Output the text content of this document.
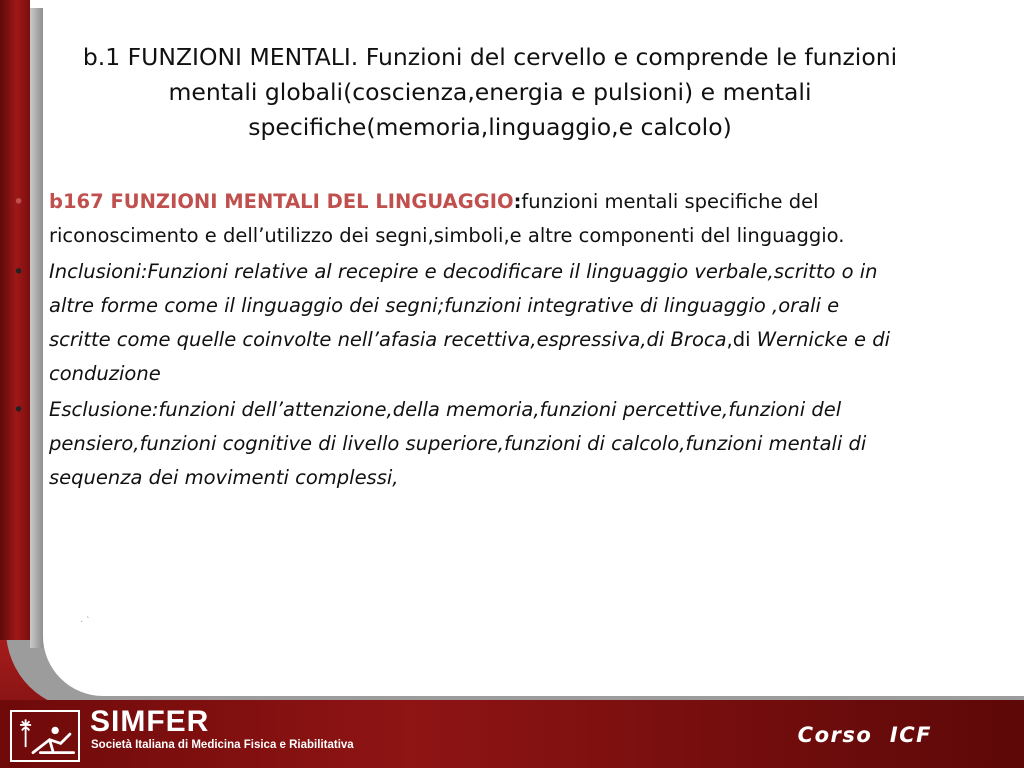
b.1 FUNZIONI MENTALI. Funzioni del cervello e comprende le funzioni mentali globali(coscienza,energia e pulsioni) e mentali specifiche(memoria,linguaggio,e calcolo)
•	b167 FUNZIONI MENTALI DEL LINGUAGGIO:funzioni mentali specifiche del riconoscimento e dell’utilizzo dei segni,simboli,e altre componenti del linguaggio.
•	Inclusioni:Funzioni relative al recepire e decodificare il linguaggio verbale,scritto o in altre forme come il linguaggio dei segni;funzioni integrative di linguaggio ,orali e scritte come quelle coinvolte nell’afasia recettiva,espressiva,di Broca,di Wernicke e di conduzione
•	Esclusione:funzioni dell’attenzione,della memoria,funzioni percettive,funzioni del pensiero,funzioni cognitive di livello superiore,funzioni di calcolo,funzioni mentali di sequenza dei movimenti complessi,
· `
SIMFER
Società Italiana di Medicina Fisica e Riabilitativa	Corso  ICF
